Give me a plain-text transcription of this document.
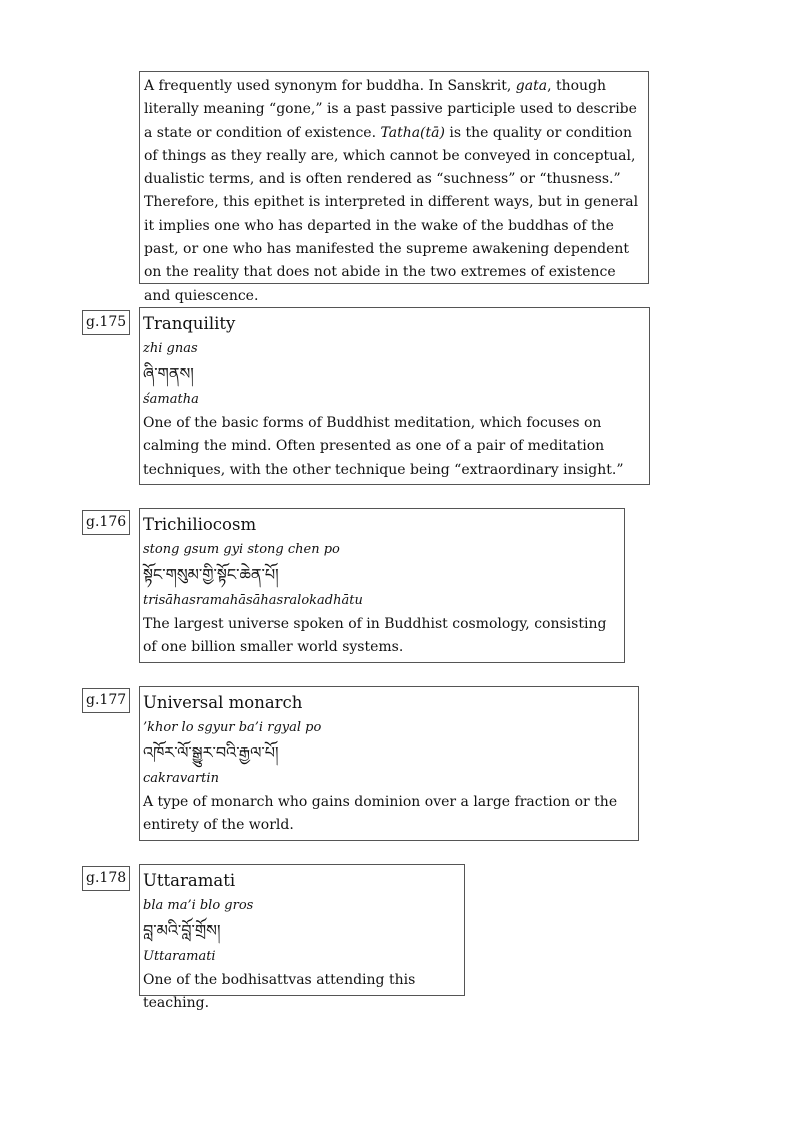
A frequently used synonym for buddha. In Sanskrit, gata, though literally meaning “gone,” is a past passive participle used to describe a state or condition of existence. Tatha(tā) is the quality or condition of things as they really are, which cannot be conveyed in conceptual, dualistic terms, and is often rendered as “suchness” or “thusness.” Therefore, this epithet is interpreted in different ways, but in general it implies one who has departed in the wake of the buddhas of the past, or one who has manifested the supreme awakening dependent on the reality that does not abide in the two extremes of existence and quiescence.

g.175 Tranquility

zhi gnas

ཞི་གནས།

śamatha

One of the basic forms of Buddhist meditation, which focuses on calming the mind. Often presented as one of a pair of meditation techniques, with the other technique being “extraordinary insight.”

g.176 Trichiliocosm

stong gsum gyi stong chen po

སྟོང་གསུམ་གྱི་སྟོང་ཆེན་པོ།

trisāhasramahāsāhasralokadhātu

The largest universe spoken of in Buddhist cosmology, consisting of one billion smaller world systems.

g.177 Universal monarch

’khor lo sgyur ba’i rgyal po

འཁོར་ལོ་སྒྱུར་བའི་རྒྱལ་པོ།

cakravartin

A type of monarch who gains dominion over a large fraction or the entirety of the world.

g.178 Uttaramati

bla ma’i blo gros

བླ་མའི་བློ་གྲོས།

Uttaramati

One of the bodhisattvas attending this teaching.
